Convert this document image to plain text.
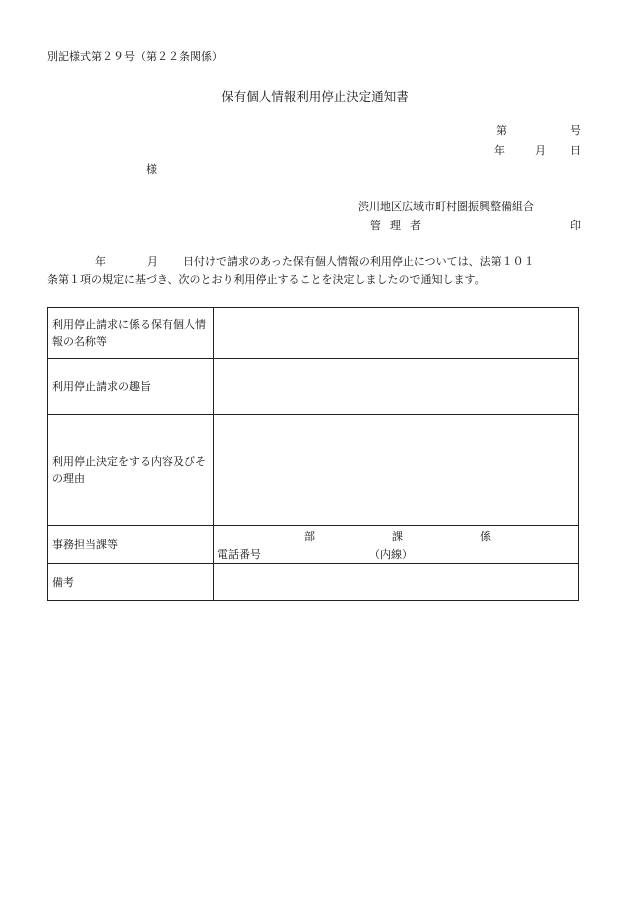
別記様式第２９号（第２２条関係）
保有個人情報利用停止決定通知書
第	号
年	月 日
様
渋川地区広域市町村圏振興整備組合
管理者	印
年	月 日付けで請求のあった保有個人情報の利用停止については、法第１０１
条第１項の規定に基づき、次のとおり利用停止することを決定しましたので通知します。
利用停止請求に係る保有個人情報の名称等	
利用停止請求の趣旨	
利用停止決定をする内容及びその理由	
事務担当課等	部 課 係
電話番号 （内線）

備考	
